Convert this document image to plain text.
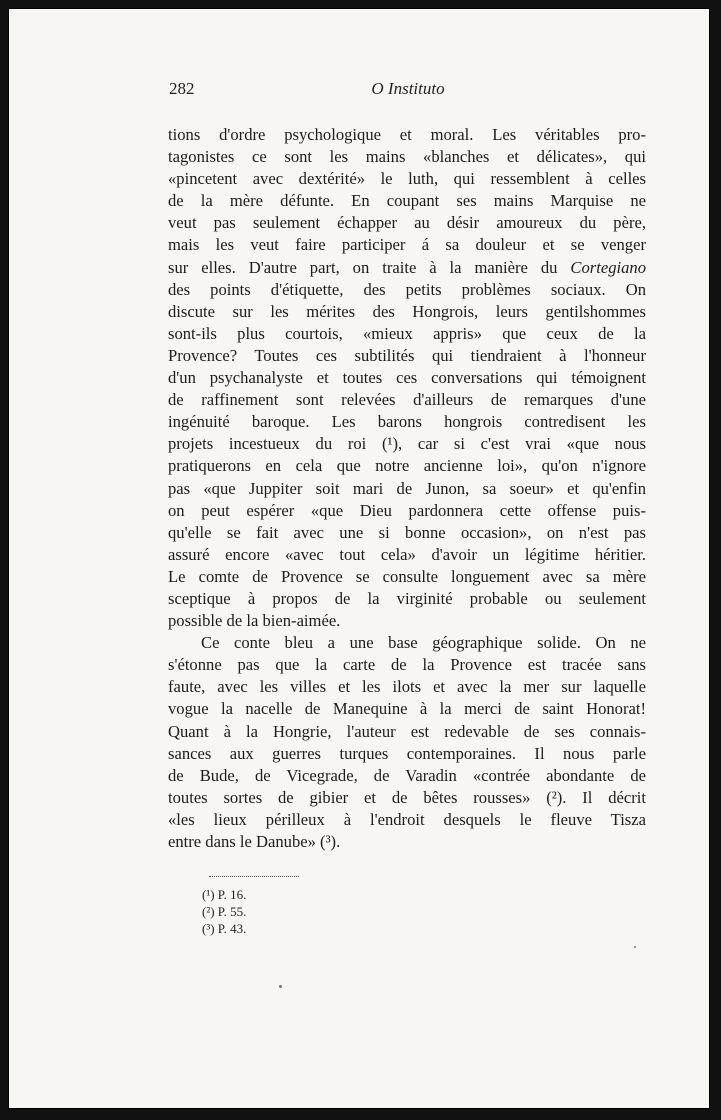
282	O Instituto
tions d'ordre psychologique et moral. Les véritables pro-
tagonistes ce sont les mains «blanches et délicates», qui
«pincetent avec dextérité» le luth, qui ressemblent à celles
de la mère défunte. En coupant ses mains Marquise ne
veut pas seulement échapper au désir amoureux du père,
mais les veut faire participer á sa douleur et se venger
sur elles. D'autre part, on traite à la manière du Cortegiano
des points d'étiquette, des petits problèmes sociaux. On
discute sur les mérites des Hongrois, leurs gentilshommes
sont-ils plus courtois, «mieux appris» que ceux de la
Provence? Toutes ces subtilités qui tiendraient à l'honneur
d'un psychanalyste et toutes ces conversations qui témoignent
de raffinement sont relevées d'ailleurs de remarques d'une
ingénuité baroque. Les barons hongrois contredisent les
projets incestueux du roi (¹), car si c'est vrai «que nous
pratiquerons en cela que notre ancienne loi», qu'on n'ignore
pas «que Juppiter soit mari de Junon, sa soeur» et qu'enfin
on peut espérer «que Dieu pardonnera cette offense puis-
qu'elle se fait avec une si bonne occasion», on n'est pas
assuré encore «avec tout cela» d'avoir un légitime héritier.
Le comte de Provence se consulte longuement avec sa mère
sceptique à propos de la virginité probable ou seulement
possible de la bien-aimée.
Ce conte bleu a une base géographique solide. On ne
s'étonne pas que la carte de la Provence est tracée sans
faute, avec les villes et les ilots et avec la mer sur laquelle
vogue la nacelle de Manequine à la merci de saint Honorat!
Quant à la Hongrie, l'auteur est redevable de ses connais-
sances aux guerres turques contemporaines. Il nous parle
de Bude, de Vicegrade, de Varadin «contrée abondante de
toutes sortes de gibier et de bêtes rousses» (²). Il décrit
«les lieux périlleux à l'endroit desquels le fleuve Tisza
entre dans le Danube» (³).
(¹) P. 16.
(²) P. 55.
(³) P. 43.
